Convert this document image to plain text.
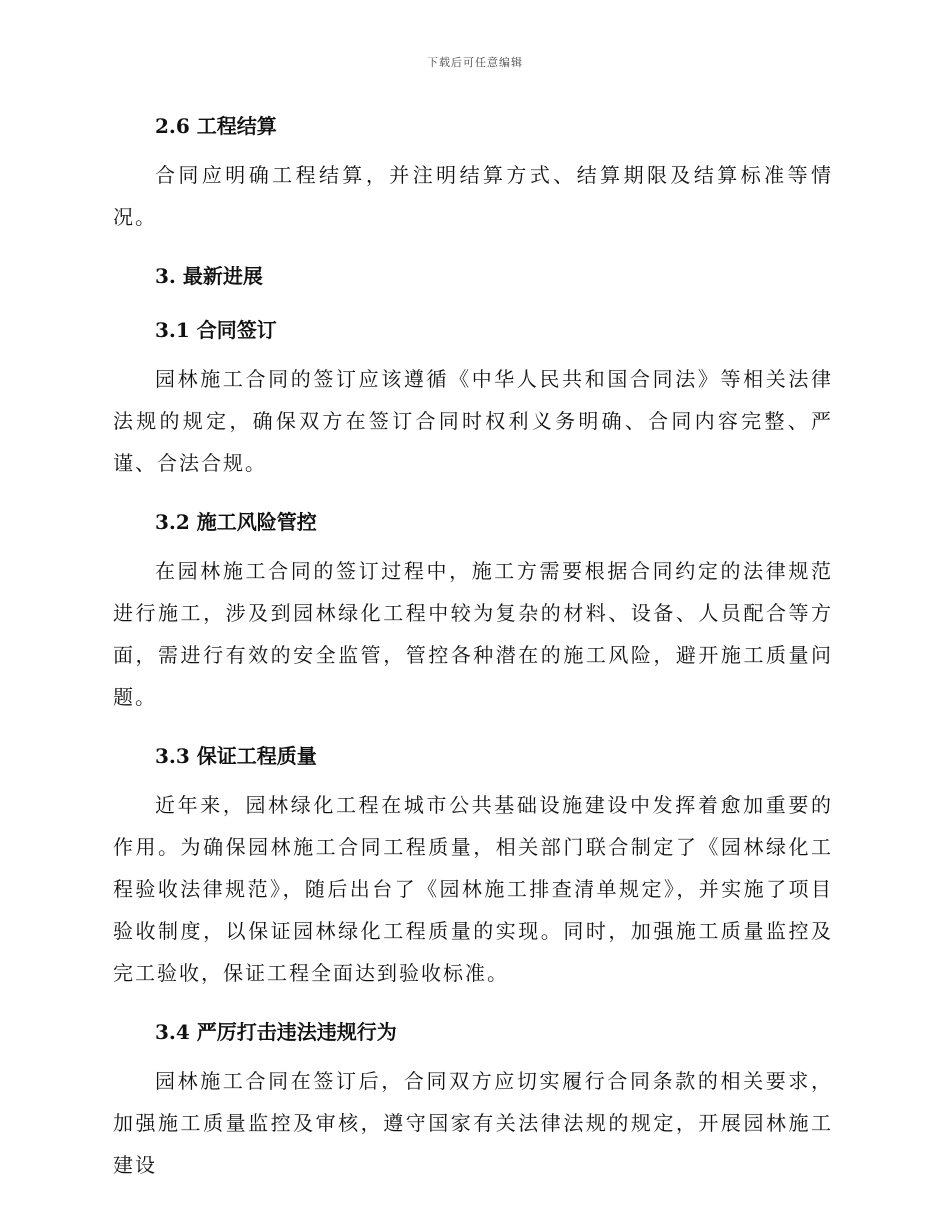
下载后可任意编辑
2.6 工程结算

合同应明确工程结算，并注明结算方式、结算期限及结算标准等情况。

3. 最新进展
3.1 合同签订

园林施工合同的签订应该遵循《中华人民共和国合同法》等相关法律法规的规定，确保双方在签订合同时权利义务明确、合同内容完整、严谨、合法合规。

3.2 施工风险管控

在园林施工合同的签订过程中，施工方需要根据合同约定的法律规范进行施工，涉及到园林绿化工程中较为复杂的材料、设备、人员配合等方面，需进行有效的安全监管，管控各种潜在的施工风险，避开施工质量问题。

3.3 保证工程质量

近年来，园林绿化工程在城市公共基础设施建设中发挥着愈加重要的作用。为确保园林施工合同工程质量，相关部门联合制定了《园林绿化工程验收法律规范》，随后出台了《园林施工排查清单规定》，并实施了项目验收制度，以保证园林绿化工程质量的实现。同时，加强施工质量监控及完工验收，保证工程全面达到验收标准。

3.4 严厉打击违法违规行为

园林施工合同在签订后，合同双方应切实履行合同条款的相关要求，加强施工质量监控及审核，遵守国家有关法律法规的规定，开展园林施工建设
